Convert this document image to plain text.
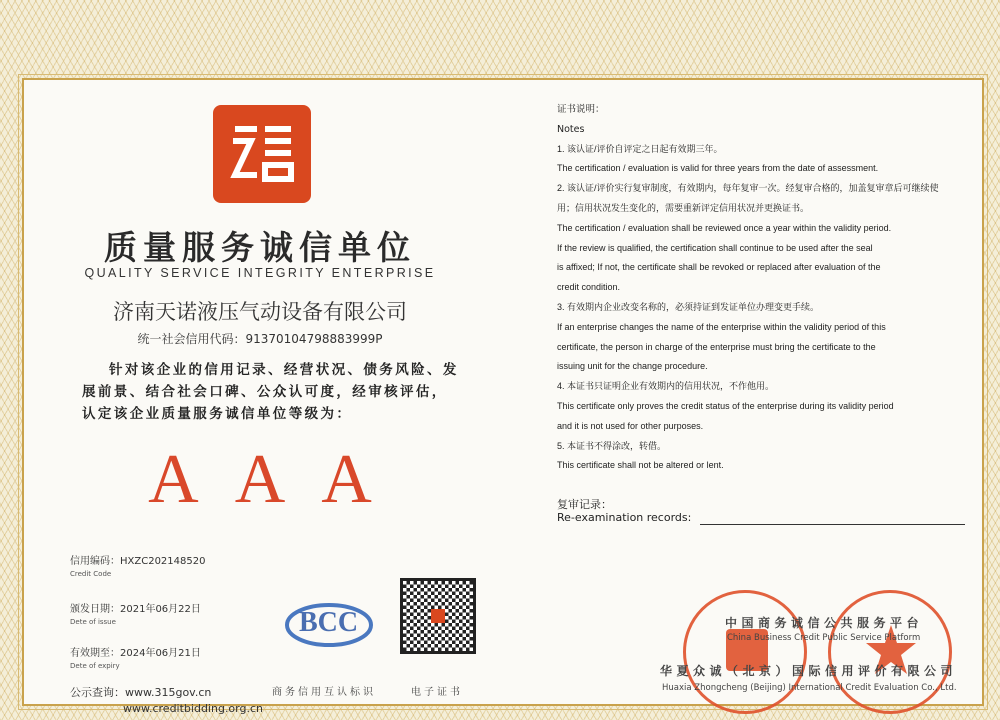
质量服务诚信单位
QUALITY SERVICE INTEGRITY ENTERPRISE
济南天诺液压气动设备有限公司
统一社会信用代码：91370104798883999P
针对该企业的信用记录、经营状况、债务风险、发展前景、结合社会口碑、公众认可度，经审核评估，认定该企业质量服务诚信单位等级为：
AAA
信用编码：HXZC202148520
Credit Code
颁发日期：2021年06月22日
Dete of issue
有效期至：2024年06月21日
Dete of expiry
公示查询：www.315gov.cn
www.creditbidding.org.cn
BCC
商务信用互认标识	电子证书
证书说明：
Notes
1. 该认证/评价自评定之日起有效期三年。
The certification / evaluation is valid for three years from the date of assessment.
2. 该认证/评价实行复审制度，有效期内，每年复审一次。经复审合格的，加盖复审章后可继续使
用；信用状况发生变化的，需要重新评定信用状况并更换证书。
The certification / evaluation shall be reviewed once a year within the validity period.
If the review is qualified, the certification shall continue to be used after the seal
is affixed; If not, the certificate shall be revoked or replaced after evaluation of the
credit condition.
3. 有效期内企业改变名称的，必须持证到发证单位办理变更手续。
If an enterprise changes the name of the enterprise within the validity period of this
certificate, the person in charge of the enterprise must bring the certificate to the
issuing unit for the change procedure.
4. 本证书只证明企业有效期内的信用状况，不作他用。
This certificate only proves the credit status of the enterprise during its validity period
and it is not used for other purposes.
5. 本证书不得涂改，转借。
This certificate shall not be altered or lent.
复审记录：
Re-examination records:
中国商务诚信公共服务平台
China Business Credit Public Service Platform
华夏众诚（北京）国际信用评价有限公司
Huaxia Zhongcheng (Beijing) International Credit Evaluation Co., Ltd.
